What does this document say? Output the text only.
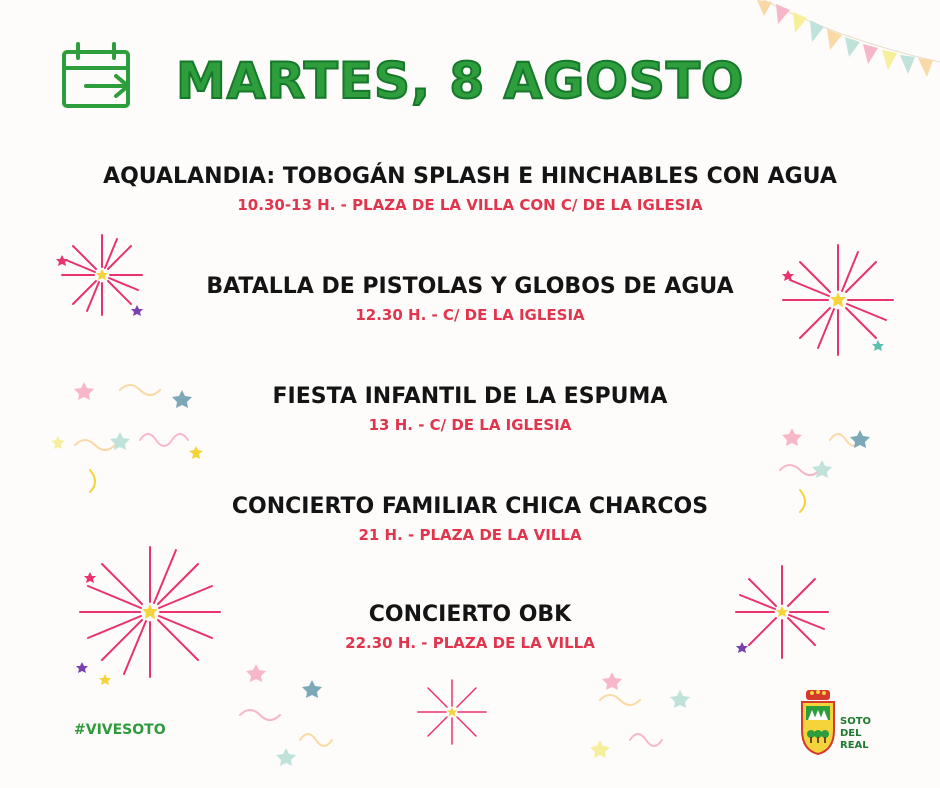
MARTES, 8 AGOSTO

AQUALANDIA: TOBOGÁN SPLASH E HINCHABLES CON AGUA

10.30-13 H. - PLAZA DE LA VILLA CON C/ DE LA IGLESIA

BATALLA DE PISTOLAS Y GLOBOS DE AGUA

12.30 H. - C/ DE LA IGLESIA

FIESTA INFANTIL DE LA ESPUMA

13 H. - C/ DE LA IGLESIA

CONCIERTO FAMILIAR CHICA CHARCOS

21 H. - PLAZA DE LA VILLA

CONCIERTO OBK

22.30 H. - PLAZA DE LA VILLA

#VIVESOTO
SOTO
DEL
REAL
